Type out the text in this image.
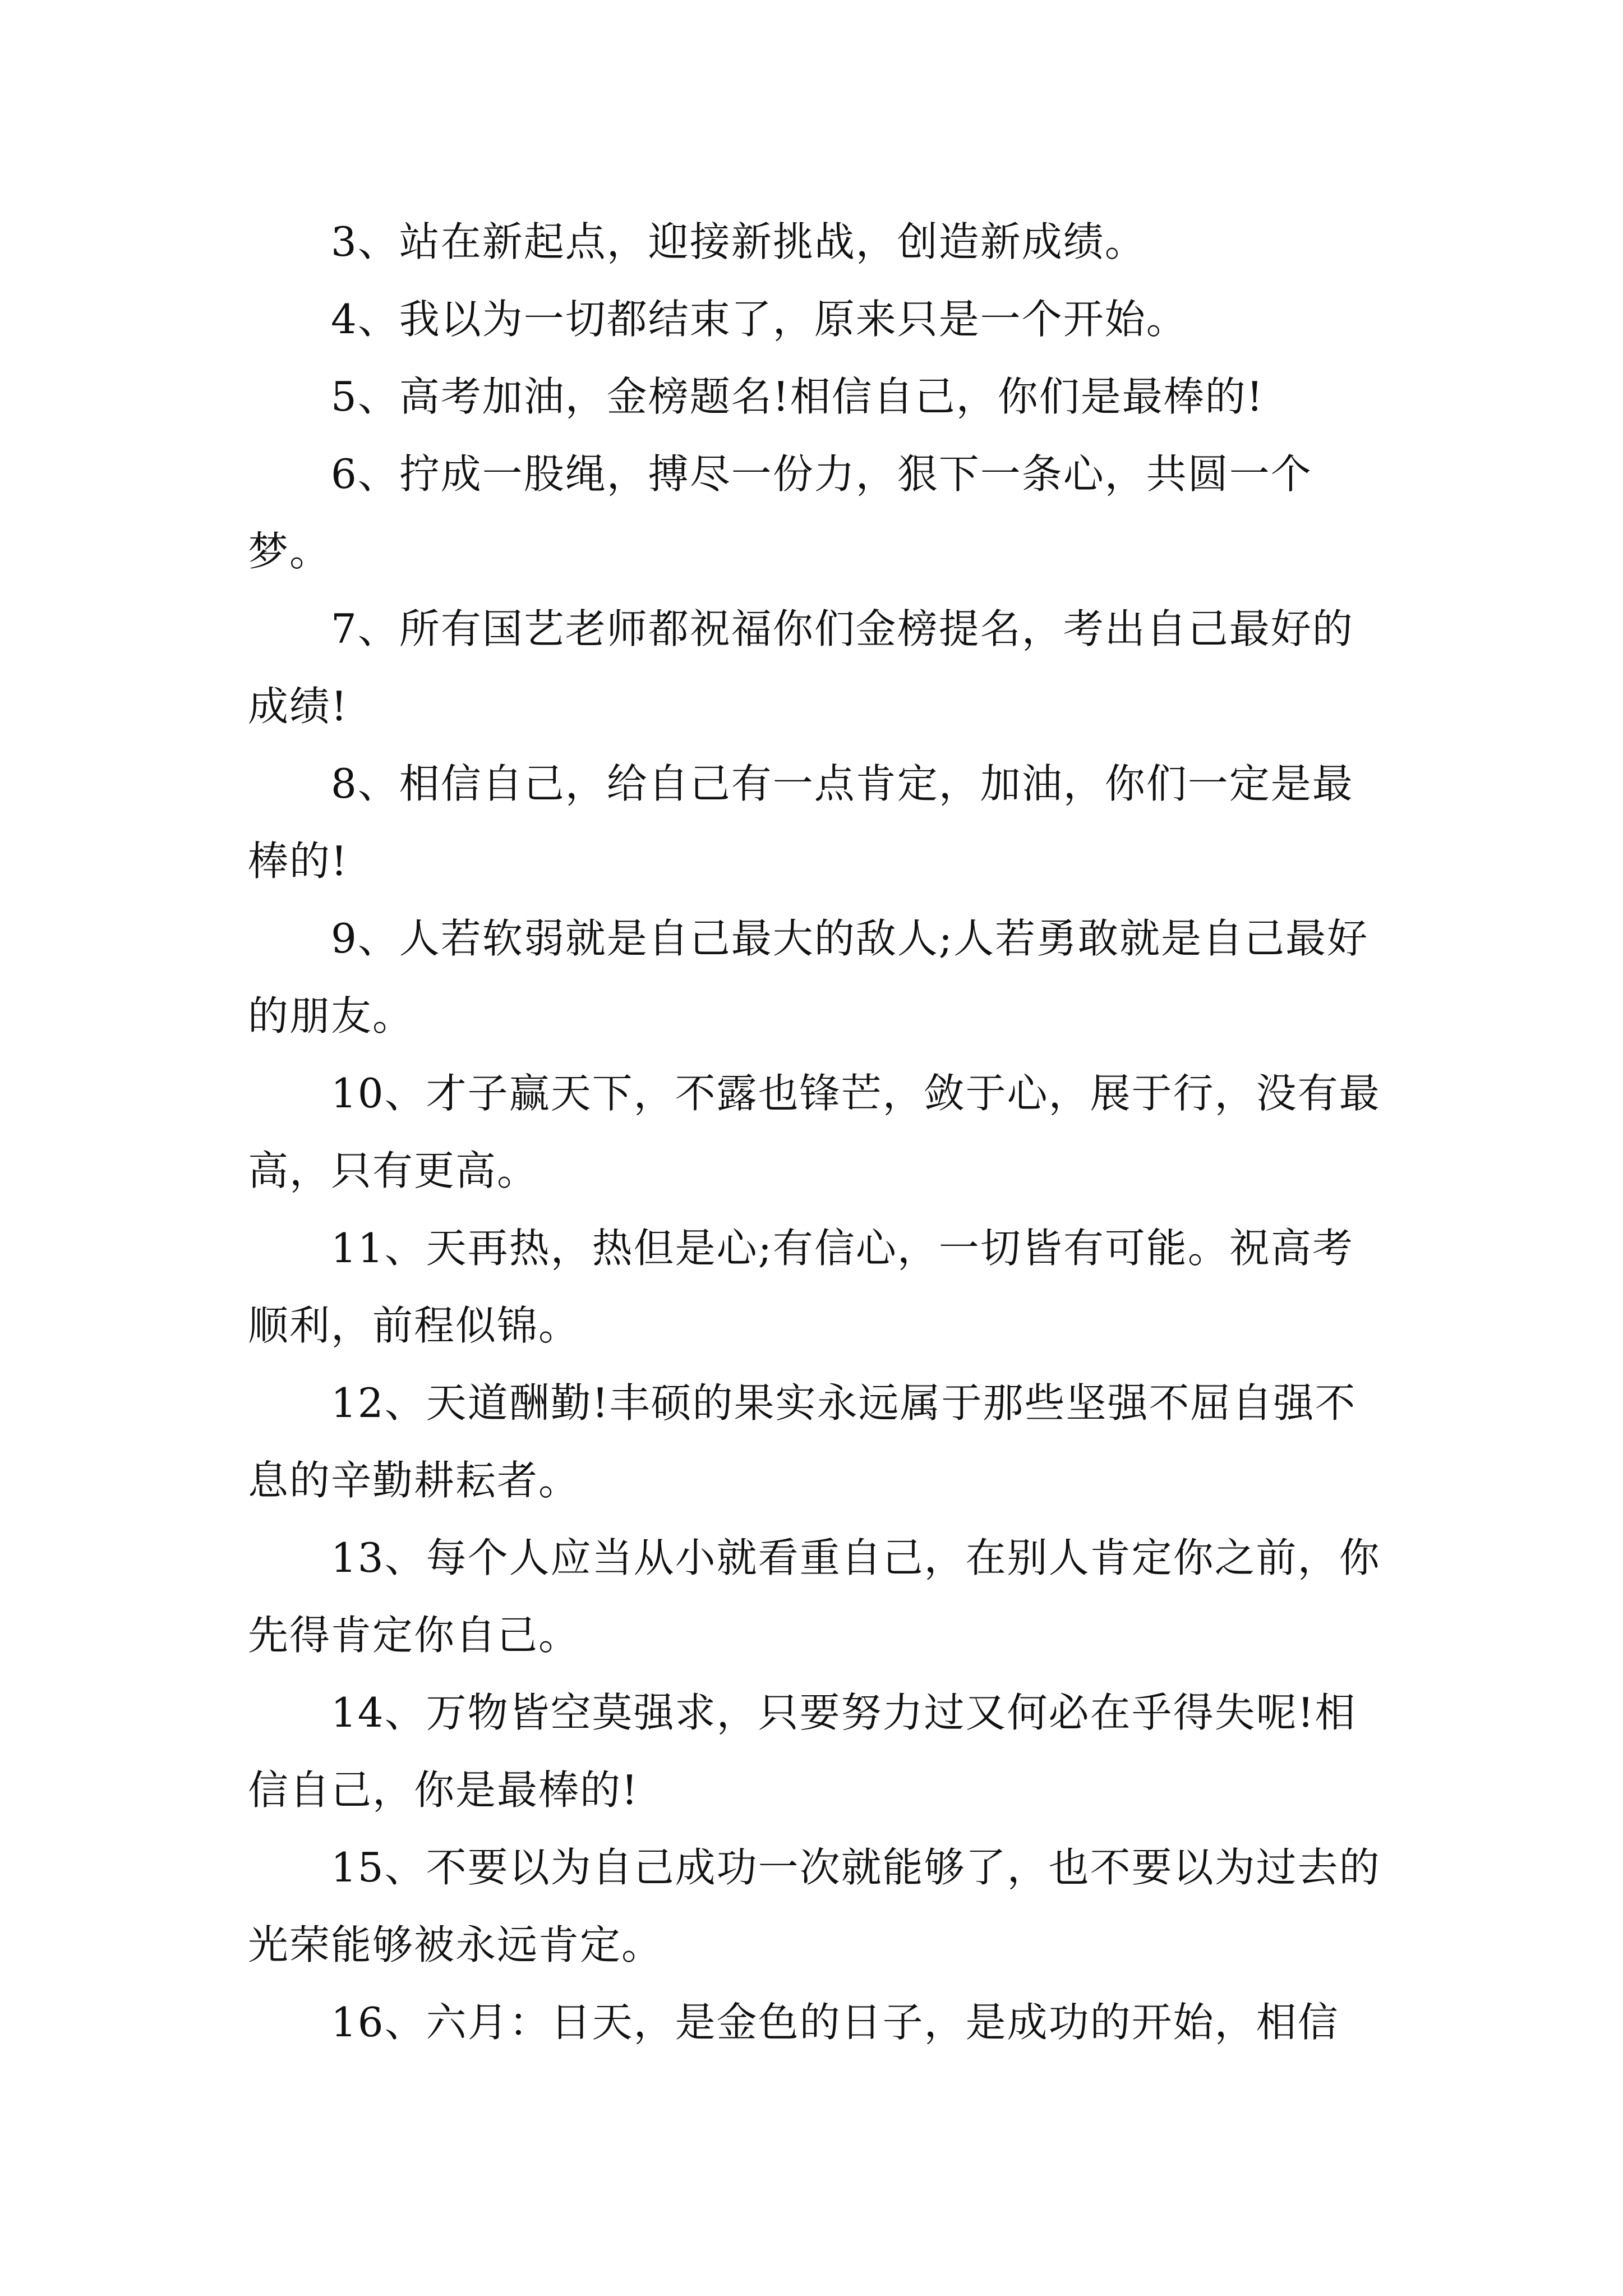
3、站在新起点，迎接新挑战，创造新成绩。

4、我以为一切都结束了，原来只是一个开始。

5、高考加油，金榜题名!相信自己，你们是最棒的!

6、拧成一股绳，搏尽一份力，狠下一条心，共圆一个梦。

7、所有国艺老师都祝福你们金榜提名，考出自己最好的成绩!

8、相信自己，给自己有一点肯定，加油，你们一定是最棒的!

9、人若软弱就是自己最大的敌人;人若勇敢就是自己最好的朋友。

10、才子赢天下，不露也锋芒，敛于心，展于行，没有最高，只有更高。

11、天再热，热但是心;有信心，一切皆有可能。祝高考顺利，前程似锦。

12、天道酬勤!丰硕的果实永远属于那些坚强不屈自强不息的辛勤耕耘者。

13、每个人应当从小就看重自己，在别人肯定你之前，你先得肯定你自己。

14、万物皆空莫强求，只要努力过又何必在乎得失呢!相信自己，你是最棒的!

15、不要以为自己成功一次就能够了，也不要以为过去的光荣能够被永远肯定。

16、六月：日天，是金色的日子，是成功的开始，相信
